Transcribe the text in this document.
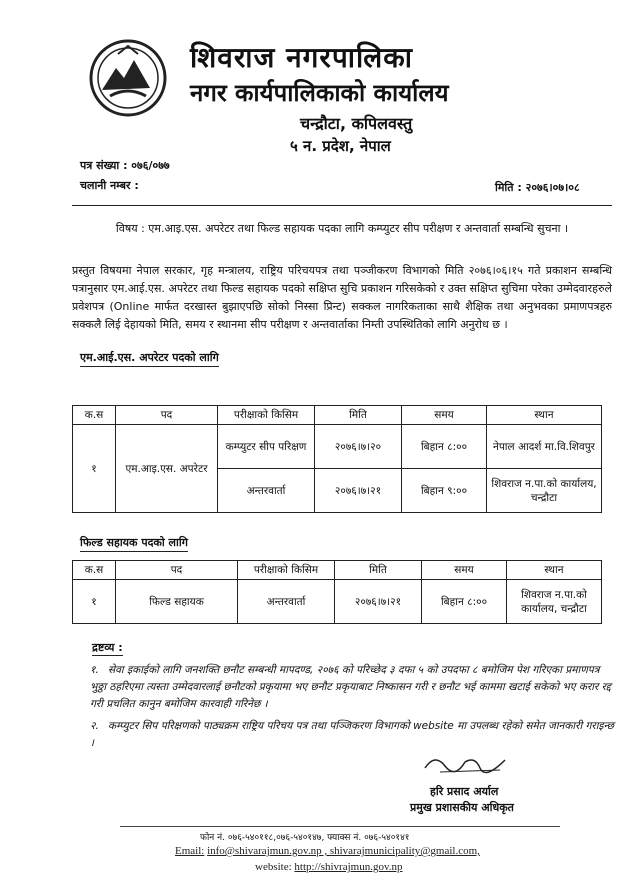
शिवराज नगरपालिका
नगर कार्यपालिकाको कार्यालय
चन्द्रौटा, कपिलवस्तु
५ न. प्रदेश, नेपाल
पत्र संख्या : ०७६/०७७
चलानी नम्बर :	मिति : २०७६।०७।०८
विषय : एम.आइ.एस. अपरेटर तथा फिल्ड सहायक पदका लागि कम्प्युटर सीप परीक्षण र अन्तवार्ता सम्बन्धि सुचना ।
प्रस्तुत विषयमा नेपाल सरकार, गृह मन्त्रालय, राष्ट्रिय परिचयपत्र तथा पञ्जीकरण विभागको मिति २०७६।०६।१५ गते प्रकाशन सम्बन्धि पत्रानुसार एम.आई.एस. अपरेटर तथा फिल्ड सहायक पदको सक्षिप्त सुचि प्रकाशन गरिसकेको र उक्त सक्षिप्त सुचिमा परेका उम्मेदवारहरुले प्रवेशपत्र (Online मार्फत दरखास्त बुझाएपछि सोको निस्सा प्रिन्ट) सक्कल नागरिकताका साथै शैक्षिक तथा अनुभवका प्रमाणपत्रहरु सक्कलै लिई देहायको मिति, समय र स्थानमा सीप परीक्षण र अन्तवार्ताका निम्ती उपस्थितिको लागि अनुरोध छ ।
एम.आई.एस. अपरेटर पदको लागि
क.स	पद	परीक्षाको किसिम	मिति	समय	स्थान
१	एम.आइ.एस. अपरेटर	कम्प्युटर सीप परिक्षण	२०७६।७।२०	बिहान ८:००	नेपाल आदर्श मा.वि.शिवपुर
		अन्तरवार्ता	२०७६।७।२१	बिहान ९:००	शिवराज न.पा.को कार्यालय, चन्द्रौटा
फिल्ड सहायक पदको लागि
क.स	पद	परीक्षाको किसिम	मिति	समय	स्थान
१	फिल्ड सहायक	अन्तरवार्ता	२०७६।७।२१	बिहान ८:००	शिवराज न.पा.को कार्यालय, चन्द्रौटा
द्रष्टव्य :
१. सेवा इकाईको लागि जनशक्ति छनौट सम्बन्धी मापदण्ड, २०७६ को परिच्छेद ३ दफा ५ को उपदफा ८ बमोजिम पेश गरिएका प्रमाणपत्र भुठ्ठा ठहरिएमा त्यस्ता उम्मेदवारलाई छनौटको प्रकृयामा भए छनौट प्रकृयाबाट निष्कासन गरी र छनौट भई काममा खटाई सकेको भए करार रद्द गरी प्रचलित कानुन बमोजिम कारवाही गरिनेछ ।
२. कम्प्युटर सिप परिक्षणको पाठ्यक्रम राष्ट्रिय परिचय पत्र तथा पञ्जिकरण विभागको website मा उपलब्ध रहेको समेत जानकारी गराइन्छ ।
हरि प्रसाद अर्याल
प्रमुख प्रशासकीय अधिकृत
फोन नं. ०७६-५४०११८,०७६-५४०१४७, फ्याक्स नं. ०७६-५४०१४१
Email: info@shivarajmun.gov.np , shivarajmunicipality@gmail.com,
website: http://shivrajmun.gov.np
